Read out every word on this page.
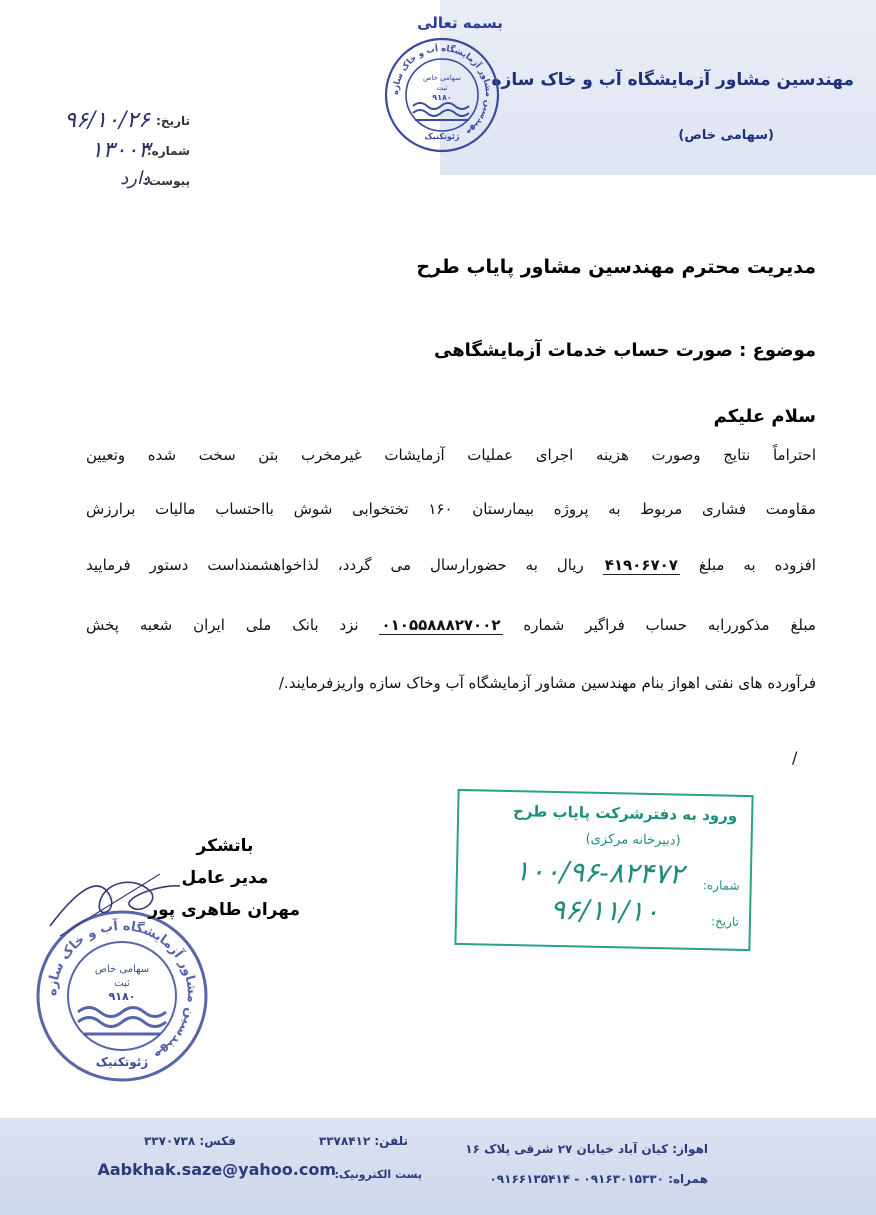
بسمه تعالی
مهندسین مشاور آزمایشگاه آب و خاک سازه
(سهامی خاص)
مهندسین مشاور آزمایشگاه آب و خاک سازه
سهامی خاص
ثبت
۹۱۸۰
ژئوتکنیک
تاریخ:
۹۶/۱۰/۲۶
شماره:
۱۳۰۰۳
پیوست:
دارد
مدیریت محترم مهندسین مشاور پایاب طرح
موضوع : صورت حساب خدمات آزمایشگاهی
سلام علیکم
احتراماً نتایج وصورت هزینه اجرای عملیات آزمایشات غیرمخرب بتن سخت شده وتعیین
مقاومت فشاری مربوط به پروژه بیمارستان ۱۶۰ تختخوابی شوش بااحتساب مالیات برارزش
افزوده به مبلغ ۴۱۹۰۶۷۰۷ ریال به حضورارسال می گردد، لذاخواهشمنداست دستور فرمایید
مبلغ مذکوررابه حساب فراگیر شماره ۰۱۰۵۵۸۸۸۲۷۰۰۲ نزد بانک ملی ایران شعبه پخش
فرآورده های نفتی اهواز بنام مهندسین مشاور آزمایشگاه آب وخاک سازه واریزفرمایند./
/
ورود به دفترشرکت پایاب طرح
(دبیرخانه مرکزی)
شماره:
۱۰۰/۹۶-۸۲۴۷۲
تاریخ:
۹۶/۱۱/۱۰
مهندسین مشاور آزمایشگاه آب و خاک سازه
سهامی خاص
ثبت
۹۱۸۰
ژئوتکنیک
باتشکر
مدیر عامل
مهران طاهری پور
اهواز: کیان آباد خیابان ۲۷ شرقی پلاک ۱۶
تلفن: ۳۳۷۸۴۱۲
فکس: ۳۳۷۰۷۳۸
همراه: ۰۹۱۶۳۰۱۵۳۳۰ - ۰۹۱۶۶۱۳۵۴۱۴
پست الکترونیک:
Aabkhak.saze@yahoo.com
